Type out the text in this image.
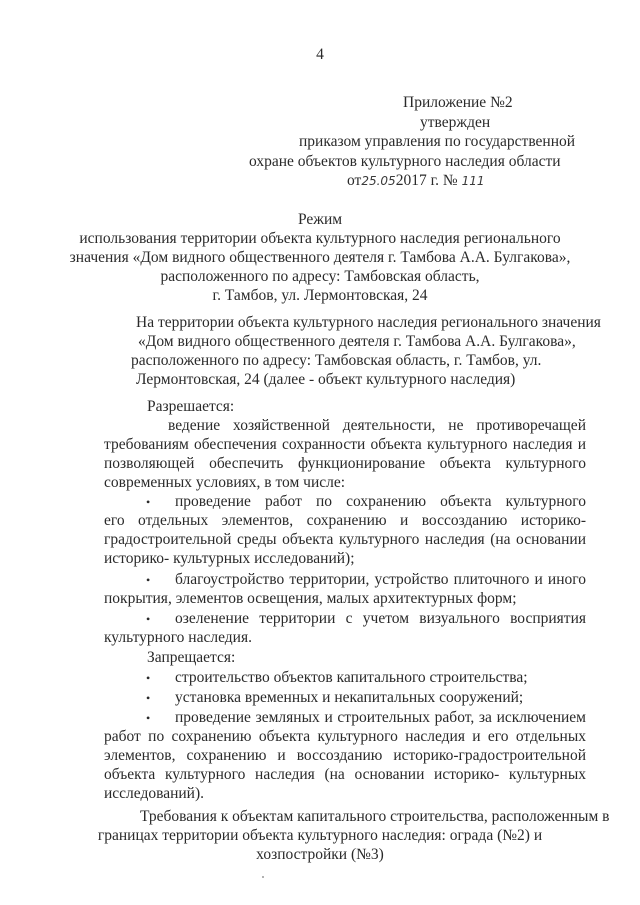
4
Приложение №2
утвержден
приказом управления по государственной
охране объектов культурного наследия области
от25.052017 г. № 111
Режим
использования территории объекта культурного наследия регионального
значения «Дом видного общественного деятеля г. Тамбова А.А. Булгакова»,
расположенного по адресу: Тамбовская область,
г. Тамбов, ул. Лермонтовская, 24
На территории объекта культурного наследия регионального значения
«Дом видного общественного деятеля г. Тамбова А.А. Булгакова»,
расположенного по адресу: Тамбовская область, г. Тамбов, ул.
Лермонтовская, 24 (далее - объект культурного наследия)
Разрешается:
ведение хозяйственной деятельности, не противоречащей
требованиям обеспечения сохранности объекта культурного наследия и
позволяющей обеспечить функционирование объекта культурного
современных условиях, в том числе:
• проведение работ по сохранению объекта культурного
его отдельных элементов, сохранению и воссозданию историко-
градостроительной среды объекта культурного наследия (на основании
историко- культурных исследований);
• благоустройство территории, устройство плиточного и иного
покрытия, элементов освещения, малых архитектурных форм;
• озеленение территории с учетом визуального восприятия
культурного наследия.
Запрещается:
• строительство объектов капитального строительства;
• установка временных и некапитальных сооружений;
• проведение земляных и строительных работ, за исключением
работ по сохранению объекта культурного наследия и его отдельных
элементов, сохранению и воссозданию историко-градостроительной
объекта культурного наследия (на основании историко- культурных
исследований).
Требования к объектам капитального строительства, расположенным в
границах территории объекта культурного наследия: ограда (№2) и
хозпостройки (№3)
